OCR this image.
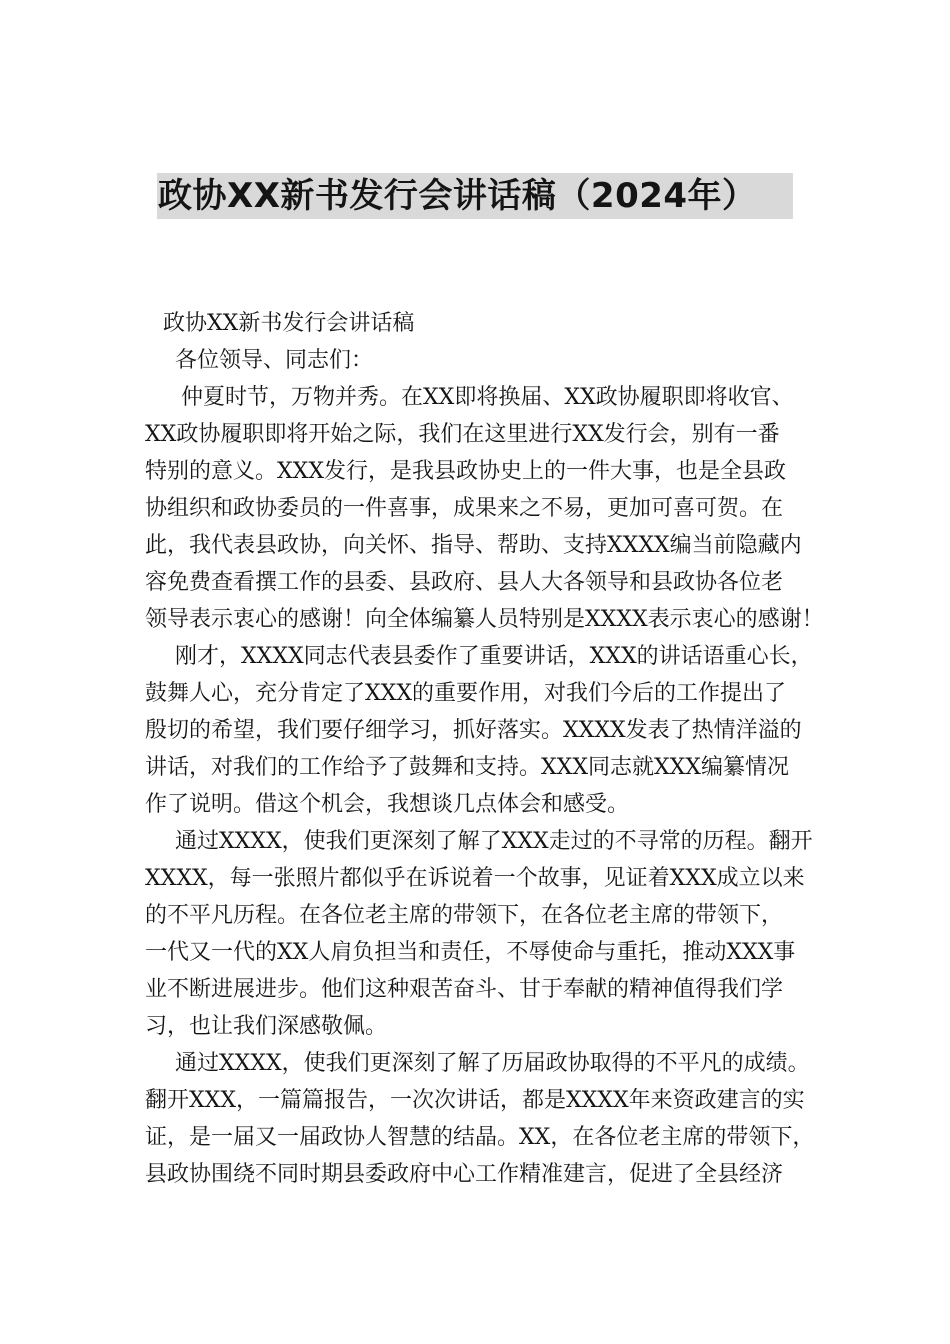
政协XX新书发行会讲话稿（2024年）
政协XX新书发行会讲话稿
各位领导、同志们：
仲夏时节，万物并秀。在XX即将换届、XX政协履职即将收官、
XX政协履职即将开始之际，我们在这里进行XX发行会，别有一番
特别的意义。XXX发行，是我县政协史上的一件大事，也是全县政
协组织和政协委员的一件喜事，成果来之不易，更加可喜可贺。在
此，我代表县政协，向关怀、指导、帮助、支持XXXX编当前隐藏内
容免费查看撰工作的县委、县政府、县人大各领导和县政协各位老
领导表示衷心的感谢！向全体编纂人员特别是XXXX表示衷心的感谢！
刚才，XXXX同志代表县委作了重要讲话，XXX的讲话语重心长，
鼓舞人心，充分肯定了XXX的重要作用，对我们今后的工作提出了
殷切的希望，我们要仔细学习，抓好落实。XXXX发表了热情洋溢的
讲话，对我们的工作给予了鼓舞和支持。XXX同志就XXX编纂情况
作了说明。借这个机会，我想谈几点体会和感受。
通过XXXX，使我们更深刻了解了XXX走过的不寻常的历程。翻开
XXXX，每一张照片都似乎在诉说着一个故事，见证着XXX成立以来
的不平凡历程。在各位老主席的带领下，在各位老主席的带领下，
一代又一代的XX人肩负担当和责任，不辱使命与重托，推动XXX事
业不断进展进步。他们这种艰苦奋斗、甘于奉献的精神值得我们学
习，也让我们深感敬佩。
通过XXXX，使我们更深刻了解了历届政协取得的不平凡的成绩。
翻开XXX，一篇篇报告，一次次讲话，都是XXXX年来资政建言的实
证，是一届又一届政协人智慧的结晶。XX，在各位老主席的带领下，
县政协围绕不同时期县委政府中心工作精准建言，促进了全县经济
